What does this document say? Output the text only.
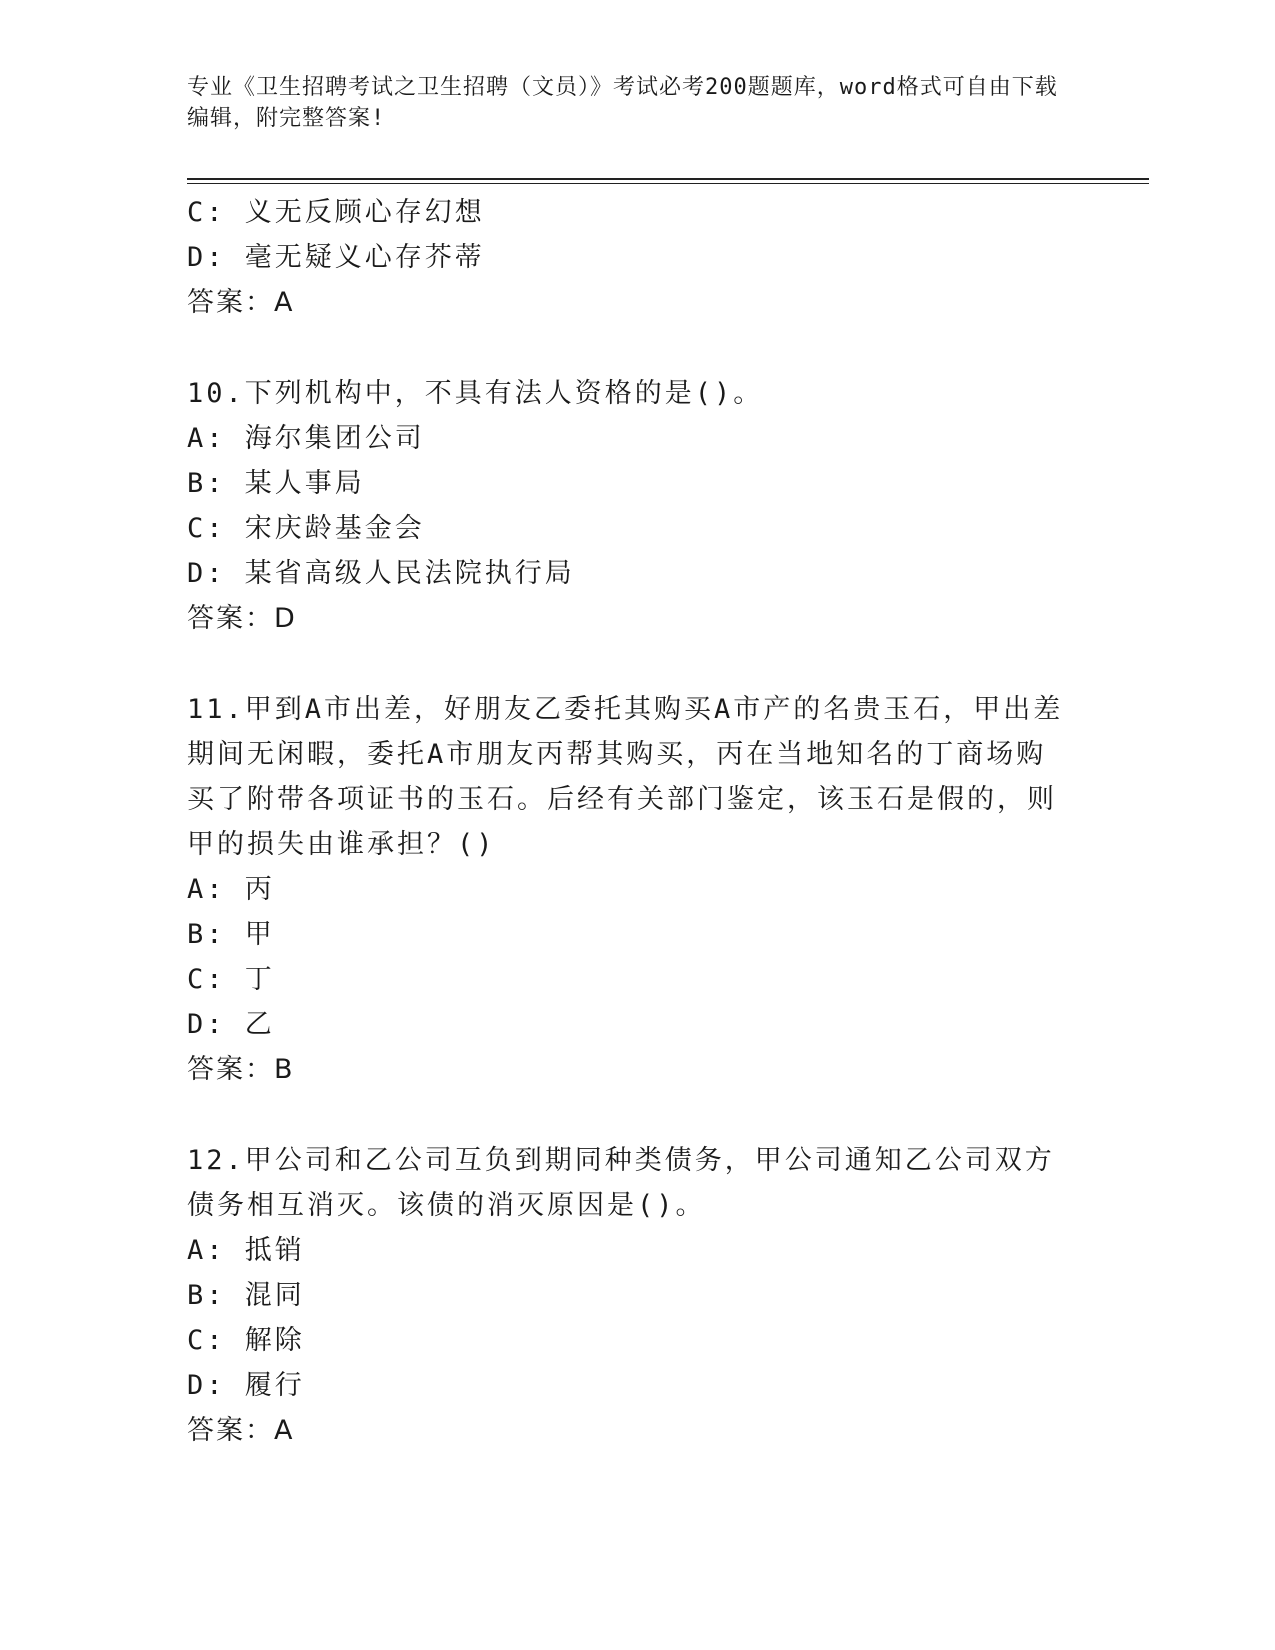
专业《卫生招聘考试之卫生招聘（文员）》考试必考200题题库，word格式可自由下载编辑，附完整答案!
C: 义无反顾心存幻想
D: 毫无疑义心存芥蒂
答案：A
10.下列机构中，不具有法人资格的是()。
A: 海尔集团公司
B: 某人事局
C: 宋庆龄基金会
D: 某省高级人民法院执行局
答案：D
11.甲到A市出差，好朋友乙委托其购买A市产的名贵玉石，甲出差期间无闲暇，委托A市朋友丙帮其购买，丙在当地知名的丁商场购买了附带各项证书的玉石。后经有关部门鉴定，该玉石是假的，则甲的损失由谁承担？()
A: 丙
B: 甲
C: 丁
D: 乙
答案：B
12.甲公司和乙公司互负到期同种类债务，甲公司通知乙公司双方债务相互消灭。该债的消灭原因是()。
A: 抵销
B: 混同
C: 解除
D: 履行
答案：A
